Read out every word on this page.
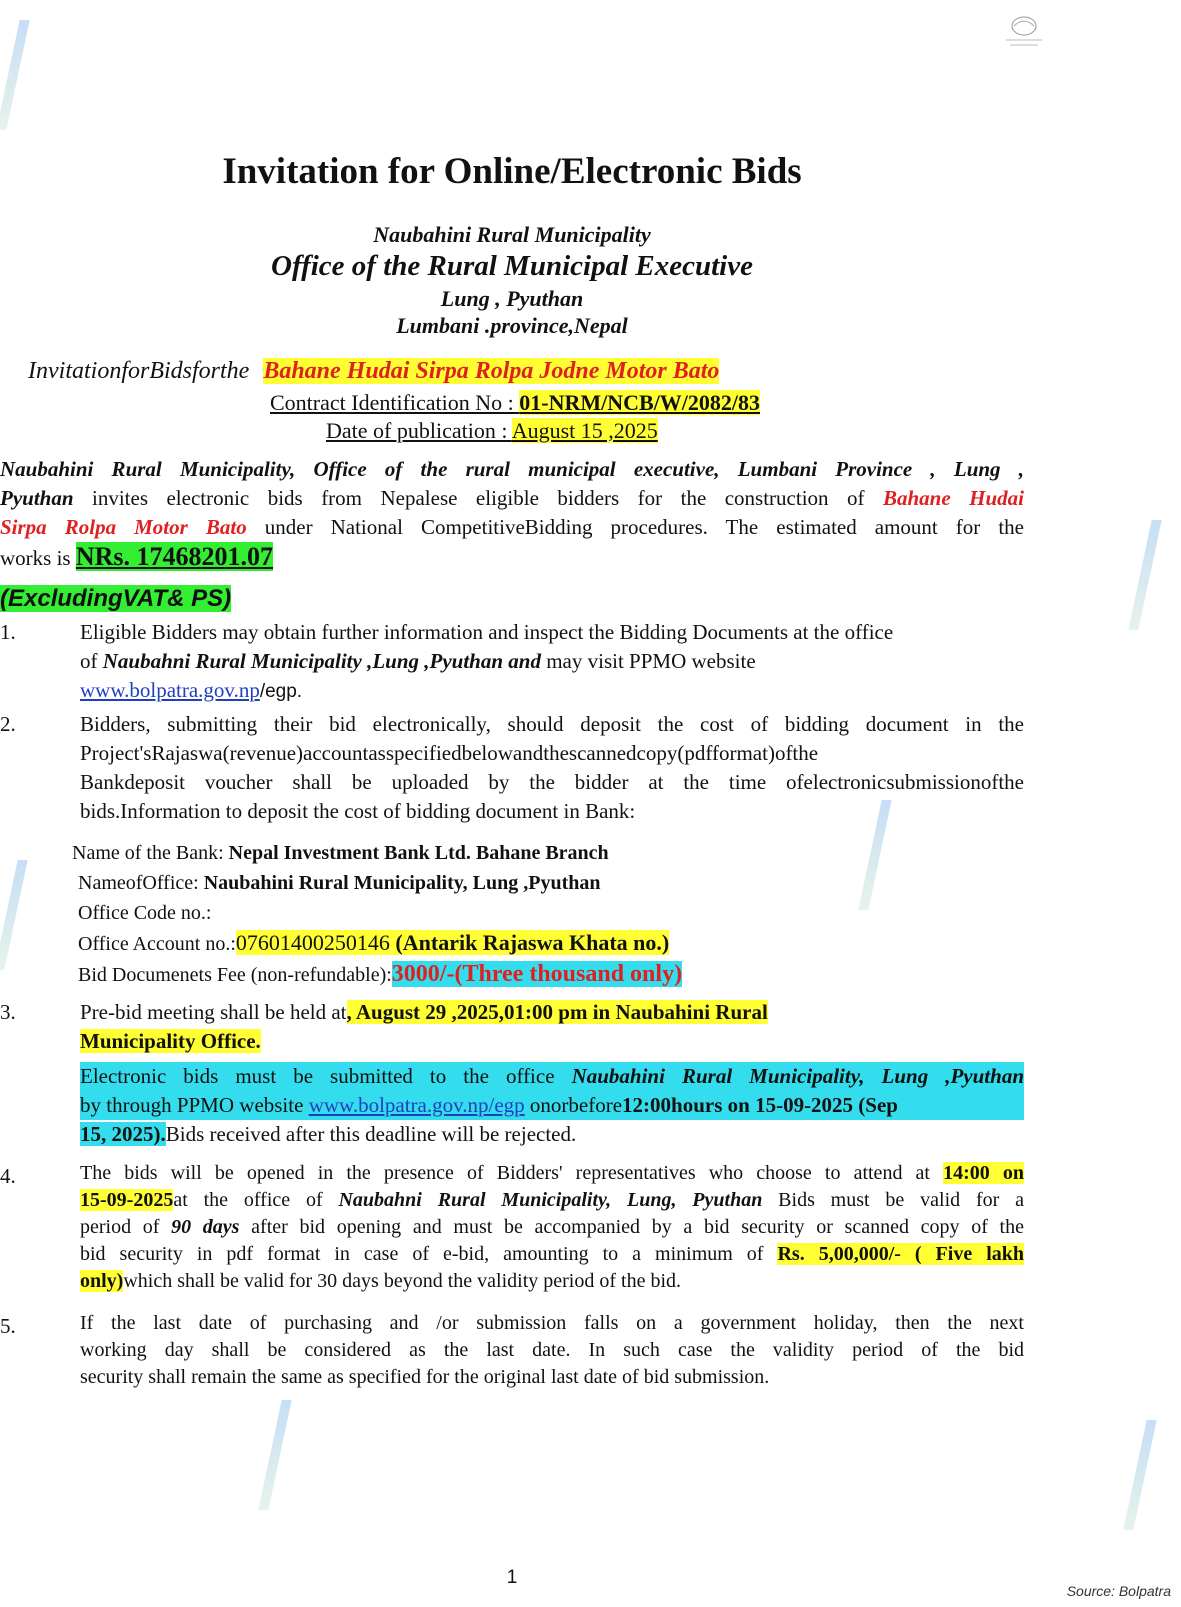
Invitation for Online/Electronic Bids
Naubahini Rural Municipality
Office of the Rural Municipal Executive
Lung , Pyuthan
Lumbani .province,Nepal
InvitationforBidsforthe Bahane Hudai Sirpa Rolpa Jodne Motor Bato
Contract Identification No : 01-NRM/NCB/W/2082/83
Date of publication : August 15 ,2025
Naubahini Rural Municipality, Office of the rural municipal executive, Lumbani Province , Lung ,
Pyuthan invites electronic bids from Nepalese eligible bidders for the construction of Bahane Hudai
Sirpa Rolpa Motor Bato under National CompetitiveBidding procedures. The estimated amount for the
works is NRs. 17468201.07
(ExcludingVAT& PS)
1.	Eligible Bidders may obtain further information and inspect the Bidding Documents at the office
of Naubahni Rural Municipality ,Lung ,Pyuthan and may visit PPMO website
www.bolpatra.gov.np/egp.
2.	Bidders, submitting their bid electronically, should deposit the cost of bidding document in the
Project'sRajaswa(revenue)accountasspecifiedbelowandthescannedcopy(pdfformat)ofthe
Bankdeposit voucher shall be uploaded by the bidder at the time ofelectronicsubmissionofthe
bids.Information to deposit the cost of bidding document in Bank:
Name of the Bank: Nepal Investment Bank Ltd. Bahane Branch
NameofOffice: Naubahini Rural Municipality, Lung ,Pyuthan
Office Code no.:
Office Account no.:07601400250146 (Antarik Rajaswa Khata no.)
Bid Documenets Fee (non-refundable):3000/-(Three thousand only)
3.	Pre-bid meeting shall be held at, August 29 ,2025,01:00 pm in Naubahini Rural
Municipality Office.
Electronic bids must be submitted to the office Naubahini Rural Municipality, Lung ,Pyuthan
by through PPMO website www.bolpatra.gov.np/egp onorbefore12:00hours on 15-09-2025 (Sep
15, 2025).Bids received after this deadline will be rejected.
4.	The bids will be opened in the presence of Bidders' representatives who choose to attend at 14:00 on
15-09-2025at the office of Naubahni Rural Municipality, Lung, Pyuthan Bids must be valid for a
period of 90 days after bid opening and must be accompanied by a bid security or scanned copy of the
bid security in pdf format in case of e-bid, amounting to a minimum of Rs. 5,00,000/- ( Five lakh
only)which shall be valid for 30 days beyond the validity period of the bid.
5.	If the last date of purchasing and /or submission falls on a government holiday, then the next
working day shall be considered as the last date. In such case the validity period of the bid
security shall remain the same as specified for the original last date of bid submission.
1
Source: Bolpatra
